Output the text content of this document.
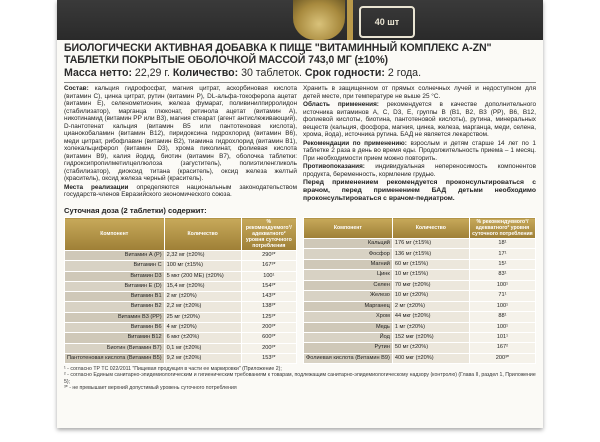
40 шт
БИОЛОГИЧЕСКИ АКТИВНАЯ ДОБАВКА К ПИЩЕ "ВИТАМИННЫЙ КОМПЛЕКС A-ZN" ТАБЛЕТКИ ПОКРЫТЫЕ ОБОЛОЧКОЙ МАССОЙ 743,0 МГ (±10%)
Масса нетто: 22,29 г. Количество: 30 таблеток. Срок годности: 2 года.

Состав: кальция гидрофосфат, магния цитрат, аскорбиновая кислота (витамин С), цинка цитрат, рутин (витамин Р), DL-альфа-токоферола ацетат (витамин Е), селенометионин, железа фумарат, поливинилпирролидон (стабилизатор), марганца глюконат, ретинола ацетат (витамин А), никотинамид (витамин РР или В3), магния стеарат (агент антислеживающий), D-пантотенат кальция (витамин В5 или пантотеновая кислота), цианокобаламин (витамин В12), пиридоксина гидрохлорид (витамин В6), меди цитрат, рибофлавин (витамин В2), тиамина гидрохлорид (витамин В1), холекальциферол (витамин D3), хрома пиколинат, фолиевая кислота (витамин В9), калия йодид, биотин (витамин В7), оболочка таблетки: гидроксипропилметилцеллюлоза (загуститель), полиэтиленгликоль (стабилизатор), диоксид титана (краситель), оксид железа желтый (краситель), оксид железа черный (краситель).

Места реализации определяются национальным законодательством государств-членов Евразийского экономического союза.

Хранить в защищенном от прямых солнечных лучей и недоступном для детей месте, при температуре не выше 25 °С.

Область применения: рекомендуется в качестве дополнительного источника витаминов А, С, D3, Е, группы В (В1, В2, В3 (РР), В6, В12, фолиевой кислоты, биотина, пантотеновой кислоты), рутина, минеральных веществ (кальция, фосфора, магния, цинка, железа, марганца, меди, селена, хрома, йода), источника рутина. БАД не является лекарством.

Рекомендации по применению: взрослым и детям старше 14 лет по 1 таблетке 2 раза в день во время еды. Продолжительность приема – 1 месяц. При необходимости прием можно повторить.

Противопоказания: индивидуальная непереносимость компонентов продукта, беременность, кормление грудью.

Перед применением рекомендуется проконсультироваться с врачом, перед применением БАД детьми необходимо проконсультироваться с врачом-педиатром.

Суточная доза (2 таблетки) содержит:
Компонент	Количество	% рекомендуемого¹/ адекватного² уровня суточного потребления
Витамин А (Р)	2,32 мг (±20%)	290³*
Витамин С	100 мг (±15%)	167³*
Витамин D3	5 мкг (200 МЕ) (±20%)	100¹
Витамин Е (D)	15,4 мг (±20%)	154³*
Витамин В1	2 мг (±20%)	143³*
Витамин В2	2,2 мг (±20%)	138³*
Витамин В3 (РР)	25 мг (±20%)	125³*
Витамин В6	4 мг (±20%)	200³*
Витамин В12	6 мкг (±20%)	600³*
Биотин (Витамин В7)	0,1 мг (±20%)	200³*
Пантотеновая кислота (Витамин В5)	9,2 мг (±20%)	153³*
Компонент	Количество	% рекомендуемого¹/ адекватного² уровня суточного потребления
Кальций	176 мг (±15%)	18¹
Фосфор	136 мг (±15%)	17¹
Магний	60 мг (±15%)	15¹
Цинк	10 мг (±15%)	83¹
Селен	70 мкг (±20%)	100¹
Железо	10 мг (±20%)	71¹
Марганец	2 мг (±20%)	100¹
Хром	44 мкг (±20%)	88¹
Медь	1 мг (±20%)	100¹
Йод	152 мкг (±20%)	101¹
Рутин	50 мг (±20%)	167²
Фолиевая кислота (Витамин В9)	400 мкг (±20%)	200³*
¹ - согласно ТР ТС 022/2011 "Пищевая продукция в части ее маркировки" (Приложение 2);
² - согласно Единым санитарно-эпидемиологическим и гигиеническим требованиям к товарам, подлежащим санитарно-эпидемиологическому надзору (контролю) (Глава II, раздел 1, Приложение 5);
³* - не превышает верхний допустимый уровень суточного потребления
